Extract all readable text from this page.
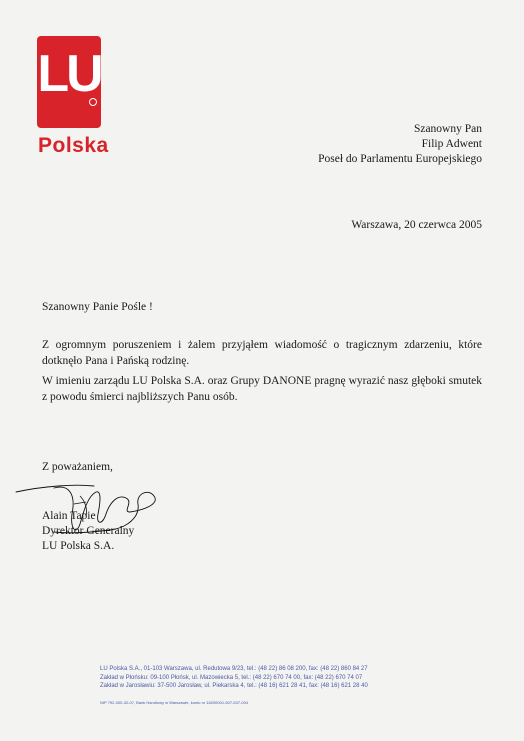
LU
Polska
Szanowny Pan
Filip Adwent
Poseł do Parlamentu Europejskiego
Warszawa, 20 czerwca 2005
Szanowny Panie Pośle !
Z ogromnym poruszeniem i żalem przyjąłem wiadomość o tragicznym zdarzeniu, które dotknęło Pana i Pańską rodzinę.
W imieniu zarządu LU Polska S.A. oraz Grupy DANONE pragnę wyrazić nasz głęboki smutek z powodu śmierci najbliższych Panu osób.
Z poważaniem,
Alain Tapie
Dyrektor Generalny
LU Polska S.A.
LU Polska S.A., 01-103 Warszawa, ul. Redutowa 9/23, tel.: (48 22) 86 08 200, fax: (48 22) 860 84 27
Zakład w Płońsku: 09-100 Płońsk, ul. Mazowiecka 5, tel.: (48 22) 670 74 00, fax: (48 22) 670 74 07
Zakład w Jarosławiu: 37-500 Jarosław, ul. Piekarska 4, tel.: (48 16) 621 28 41, fax: (48 16) 621 28 40
NIP 792-000-32-07, Bank Handlowy w Warszawie, konto nr 18200001-507-537-004
